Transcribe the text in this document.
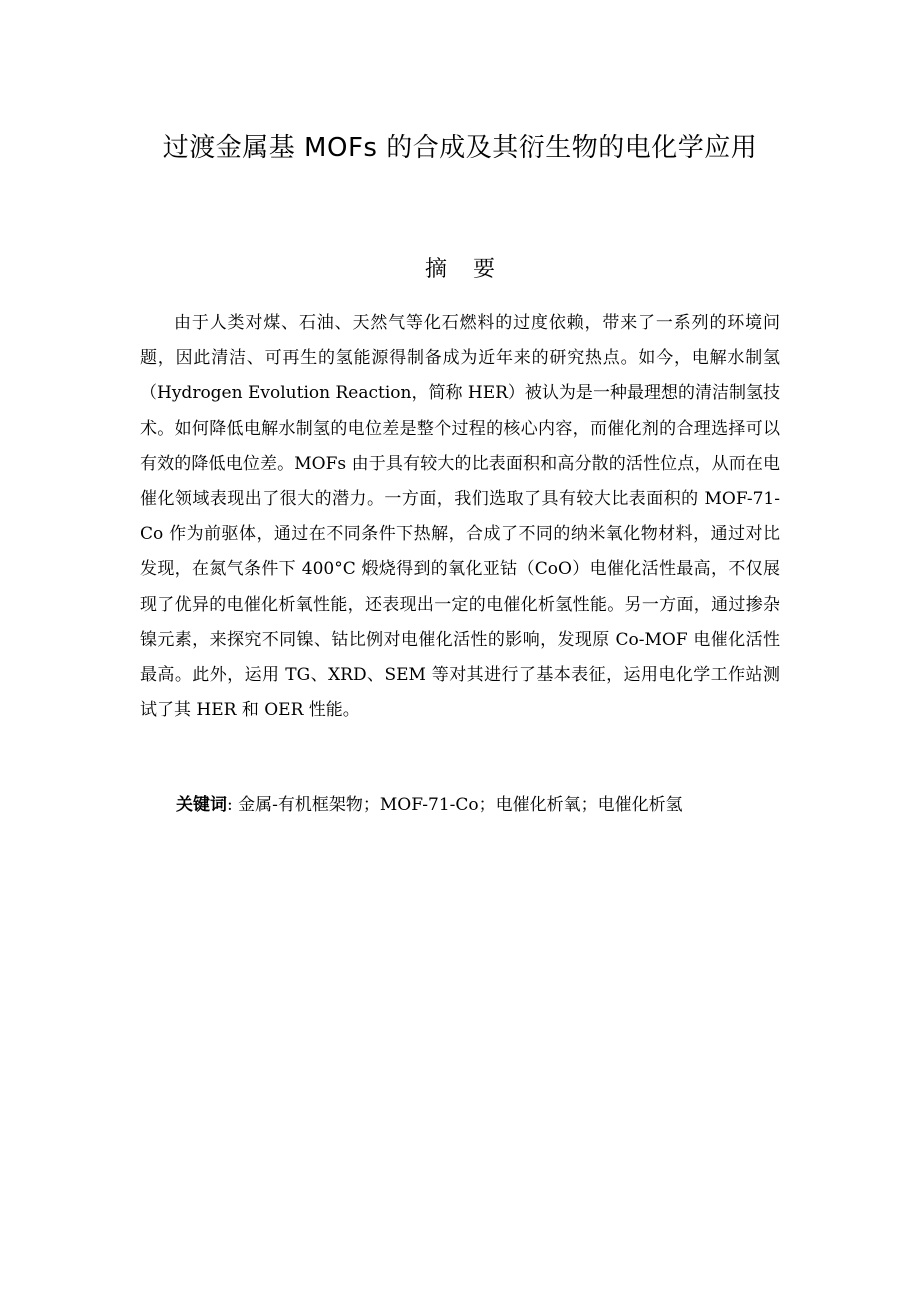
过渡金属基 MOFs 的合成及其衍生物的电化学应用
摘要

由于人类对煤、石油、天然气等化石燃料的过度依赖，带来了一系列的环境问题，因此清洁、可再生的氢能源得制备成为近年来的研究热点。如今，电解水制氢（Hydrogen Evolution Reaction，简称 HER）被认为是一种最理想的清洁制氢技术。如何降低电解水制氢的电位差是整个过程的核心内容，而催化剂的合理选择可以有效的降低电位差。MOFs 由于具有较大的比表面积和高分散的活性位点，从而在电催化领域表现出了很大的潜力。一方面，我们选取了具有较大比表面积的 MOF-71-Co 作为前驱体，通过在不同条件下热解，合成了不同的纳米氧化物材料，通过对比发现，在氮气条件下 400°C 煅烧得到的氧化亚钴（CoO）电催化活性最高，不仅展现了优异的电催化析氧性能，还表现出一定的电催化析氢性能。另一方面，通过掺杂镍元素，来探究不同镍、钴比例对电催化活性的影响，发现原 Co-MOF 电催化活性最高。此外，运用 TG、XRD、SEM 等对其进行了基本表征，运用电化学工作站测试了其 HER 和 OER 性能。

关键词: 金属-有机框架物；MOF-71-Co；电催化析氧；电催化析氢
